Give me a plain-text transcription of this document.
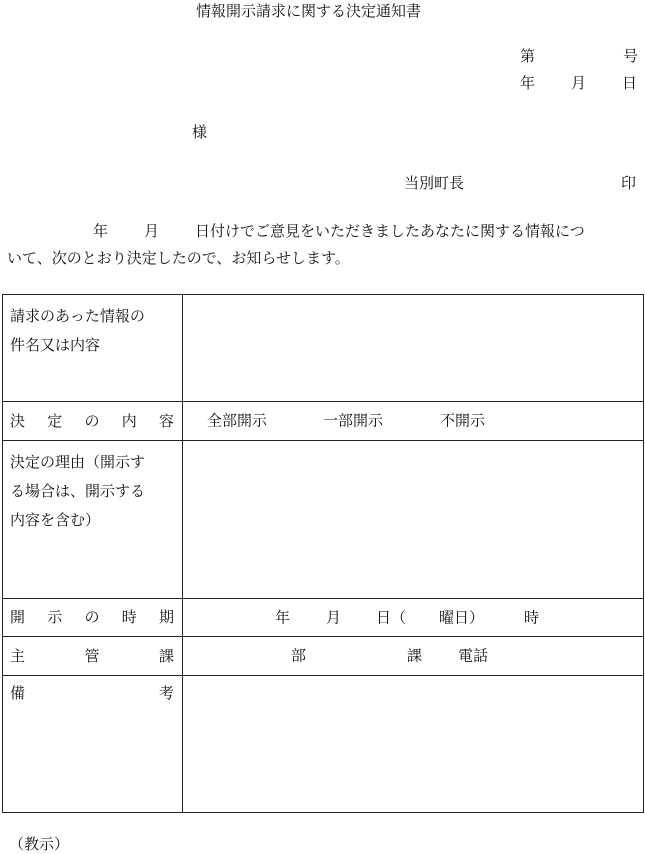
情報開示請求に関する決定通知書
第	号
年 月 日
様
当別町長	印
年 月 日付けでご意見をいただきましたあなたに関する情報につ
いて、次のとおり決定したので、お知らせします。
請求のあった情報の
件名又は内容	

決 定 の 内 容	全部開示 一部開示 不開示

決定の理由（開示す
る場合は、開示する
内容を含む）	

開 示 の 時 期	年 月 日（ 曜日） 時

主 管 課	部 課 電話

備 考	

（教示）
